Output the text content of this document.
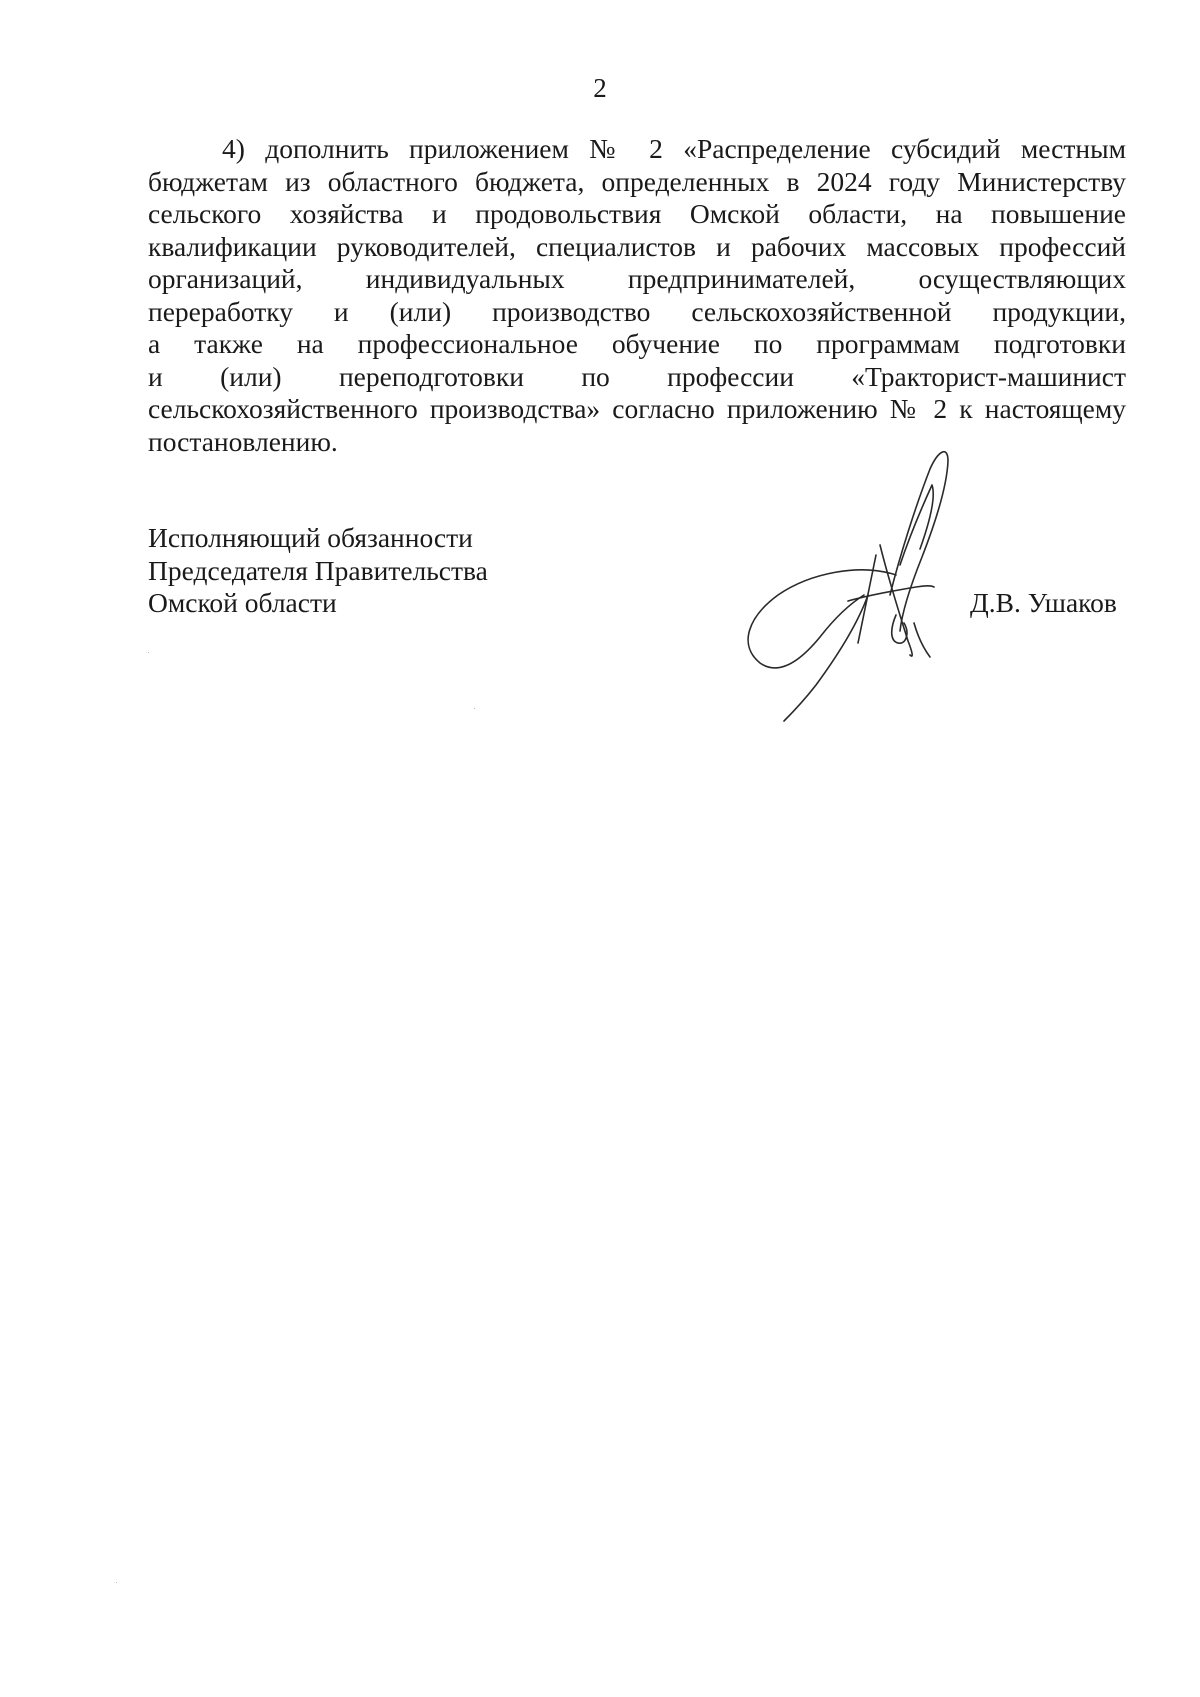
2
4) дополнить приложением № 2 «Распределение субсидий местным
бюджетам из областного бюджета, определенных в 2024 году Министерству
сельского хозяйства и продовольствия Омской области, на повышение
квалификации руководителей, специалистов и рабочих массовых профессий
организаций, индивидуальных предпринимателей, осуществляющих
переработку и (или) производство сельскохозяйственной продукции,
а также на профессиональное обучение по программам подготовки
и (или) переподготовки по профессии «Тракторист-машинист
сельскохозяйственного производства» согласно приложению № 2 к настоящему
постановлению.
Исполняющий обязанности
Председателя Правительства
Омской области	Д.В. Ушаков
